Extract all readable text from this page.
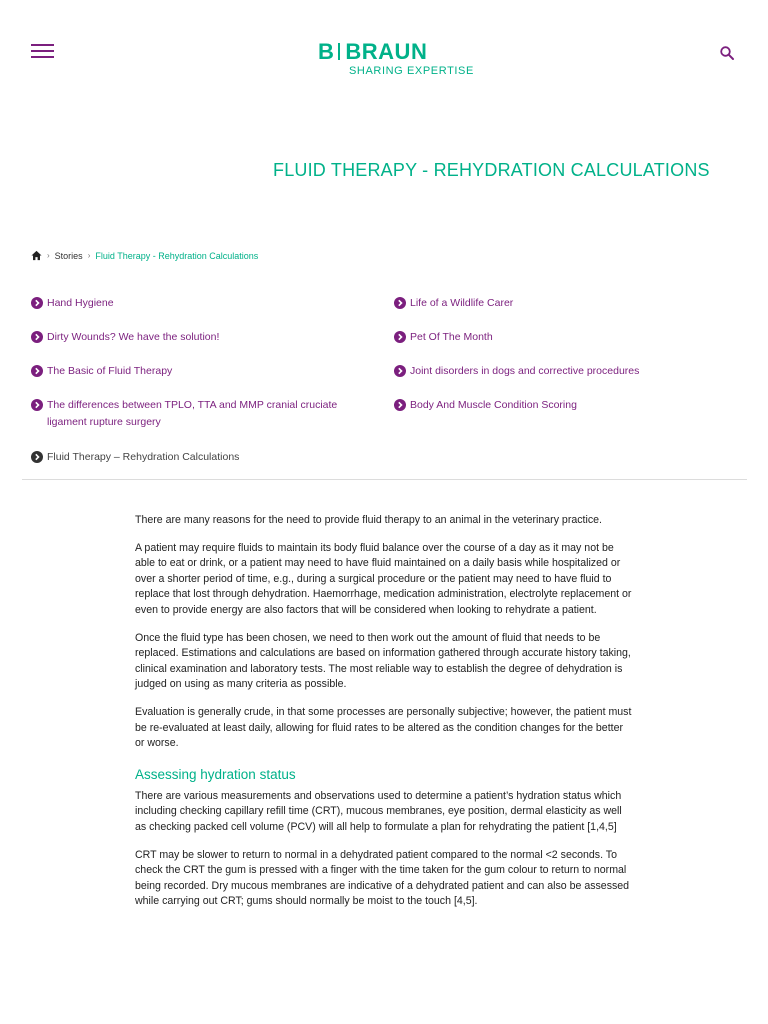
B BRAUN
SHARING EXPERTISE
FLUID THERAPY - REHYDRATION CALCULATIONS
› Stories › Fluid Therapy - Rehydration Calculations
Hand Hygiene
Dirty Wounds? We have the solution!
The Basic of Fluid Therapy
The differences between TPLO, TTA and MMP cranial cruciate ligament rupture surgery
Life of a Wildlife Carer
Pet Of The Month
Joint disorders in dogs and corrective procedures
Body And Muscle Condition Scoring
Fluid Therapy – Rehydration Calculations

There are many reasons for the need to provide fluid therapy to an animal in the veterinary practice.

A patient may require fluids to maintain its body fluid balance over the course of a day as it may not be able to eat or drink, or a patient may need to have fluid maintained on a daily basis while hospitalized or over a shorter period of time, e.g., during a surgical procedure or the patient may need to have fluid to replace that lost through dehydration. Haemorrhage, medication administration, electrolyte replacement or even to provide energy are also factors that will be considered when looking to rehydrate a patient.

Once the fluid type has been chosen, we need to then work out the amount of fluid that needs to be replaced. Estimations and calculations are based on information gathered through accurate history taking, clinical examination and laboratory tests. The most reliable way to establish the degree of dehydration is judged on using as many criteria as possible.

Evaluation is generally crude, in that some processes are personally subjective; however, the patient must be re-evaluated at least daily, allowing for fluid rates to be altered as the condition changes for the better or worse.

Assessing hydration status

There are various measurements and observations used to determine a patient’s hydration status which including checking capillary refill time (CRT), mucous membranes, eye position, dermal elasticity as well as checking packed cell volume (PCV) will all help to formulate a plan for rehydrating the patient [1,4,5]

CRT may be slower to return to normal in a dehydrated patient compared to the normal <2 seconds. To check the CRT the gum is pressed with a finger with the time taken for the gum colour to return to normal being recorded. Dry mucous membranes are indicative of a dehydrated patient and can also be assessed while carrying out CRT; gums should normally be moist to the touch [4,5].
